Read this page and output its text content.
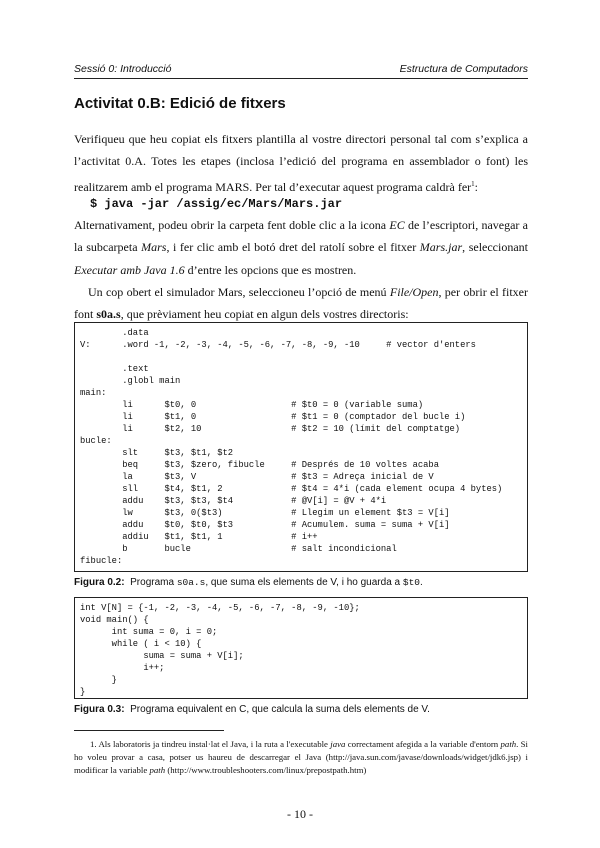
Sessió 0: Introducció	Estructura de Computadors
Activitat 0.B: Edició de fitxers

Verifiqueu que heu copiat els fitxers plantilla al vostre directori personal tal com s’explica a l’activitat 0.A. Totes les etapes (inclosa l’edició del programa en assemblador o font) les realitzarem amb el programa MARS. Per tal d’executar aquest programa caldrà fer$^1$:

$ java -jar /assig/ec/Mars/Mars.jar

Alternativament, podeu obrir la carpeta fent doble clic a la icona EC de l’escriptori, navegar a la subcarpeta Mars, i fer clic amb el botó dret del ratolí sobre el fitxer Mars.jar, seleccionant Executar amb Java 1.6 d’entre les opcions que es mostren.

Un cop obert el simulador Mars, seleccioneu l’opció de menú File/Open, per obrir el fitxer font s0a.s, que prèviament heu copiat en algun dels vostres directoris:

.data
V:      .word -1, -2, -3, -4, -5, -6, -7, -8, -9, -10     # vector d'enters

.text
.globl main
main:
li      $t0, 0                  # $t0 = 0 (variable suma)
li      $t1, 0                  # $t1 = 0 (comptador del bucle i)
li      $t2, 10                 # $t2 = 10 (límit del comptatge)
bucle:
slt     $t3, $t1, $t2
beq     $t3, $zero, fibucle     # Després de 10 voltes acaba
la      $t3, V                  # $t3 = Adreça inicial de V
sll     $t4, $t1, 2             # $t4 = 4*i (cada element ocupa 4 bytes)
addu    $t3, $t3, $t4           # @V[i] = @V + 4*i
lw      $t3, 0($t3)             # Llegim un element $t3 = V[i]
addu    $t0, $t0, $t3           # Acumulem. suma = suma + V[i]
addiu   $t1, $t1, 1             # i++
b       bucle                   # salt incondicional
fibucle:

Figura 0.2: Programa s0a.s, que suma els elements de V, i ho guarda a $t0.

int V[N] = {-1, -2, -3, -4, -5, -6, -7, -8, -9, -10};
void main() {
int suma = 0, i = 0;
while ( i < 10) {
suma = suma + V[i];
i++;
}
}

Figura 0.3: Programa equivalent en C, que calcula la suma dels elements de V.

1. Als laboratoris ja tindreu instal·lat el Java, i la ruta a l'executable java correctament afegida a la variable d'entorn path. Si ho voleu provar a casa, potser us haureu de descarregar el Java (http://java.sun.com/javase/downloads/widget/jdk6.jsp) i modificar la variable path (http://www.troubleshooters.com/linux/prepostpath.htm)

- 10 -
